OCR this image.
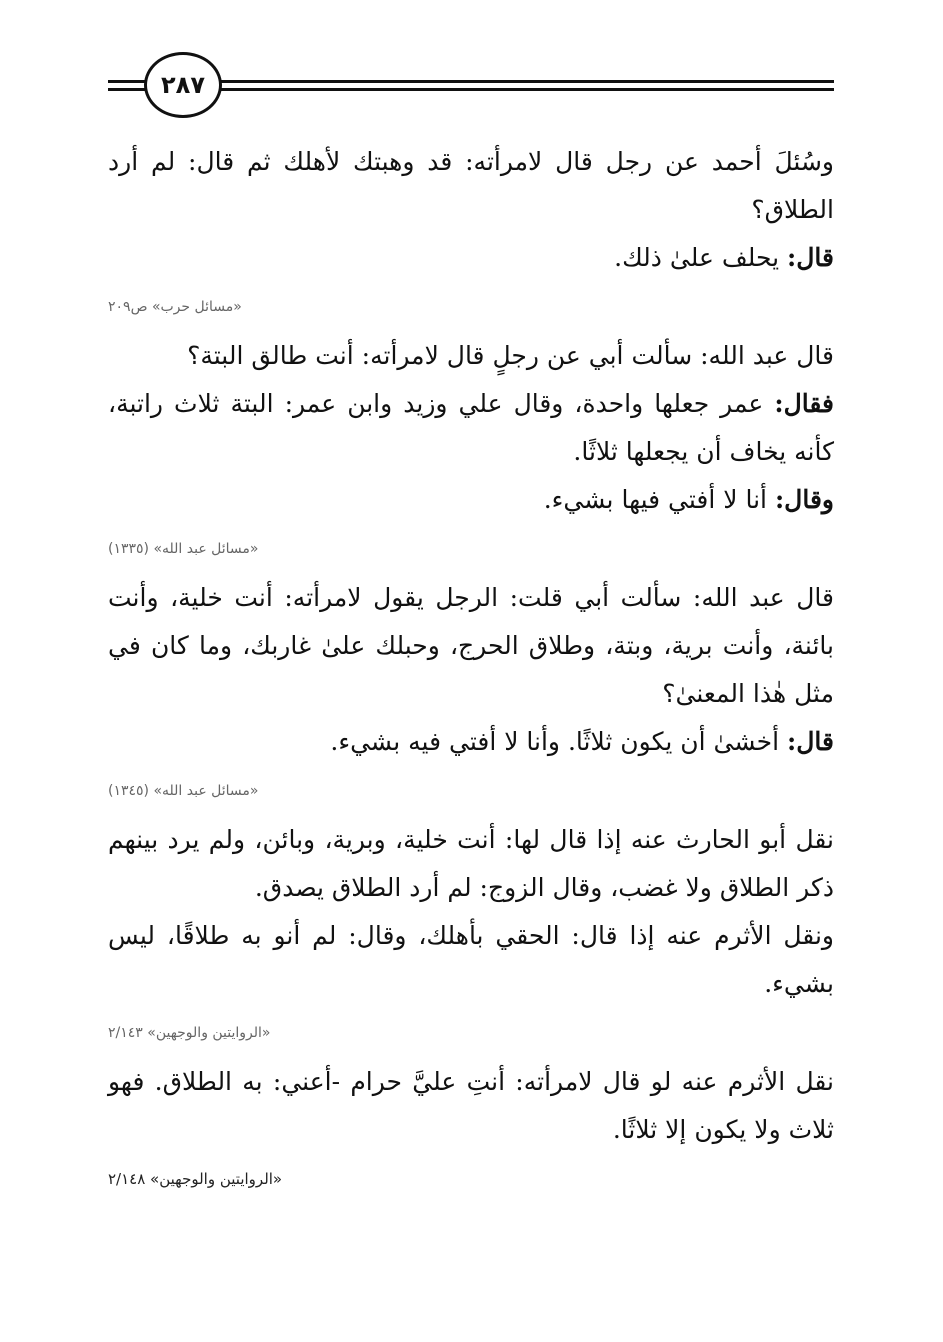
٢٨٧

وسُئلَ أحمد عن رجل قال لامرأته: قد وهبتك لأهلك ثم قال: لم أرد الطلاق؟

قال: يحلف علىٰ ذلك.

«مسائل حرب» ص٢٠٩

قال عبد الله: سألت أبي عن رجلٍ قال لامرأته: أنت طالق البتة؟

فقال: عمر جعلها واحدة، وقال علي وزيد وابن عمر: البتة ثلاث راتبة، كأنه يخاف أن يجعلها ثلاثًا.

وقال: أنا لا أفتي فيها بشيء.

«مسائل عبد الله» (١٣٣٥)

قال عبد الله: سألت أبي قلت: الرجل يقول لامرأته: أنت خلية، وأنت بائنة، وأنت برية، وبتة، وطلاق الحرج، وحبلك علىٰ غاربك، وما كان في مثل هٰذا المعنىٰ؟

قال: أخشىٰ أن يكون ثلاثًا. وأنا لا أفتي فيه بشيء.

«مسائل عبد الله» (١٣٤٥)

نقل أبو الحارث عنه إذا قال لها: أنت خلية، وبرية، وبائن، ولم يرد بينهم ذكر الطلاق ولا غضب، وقال الزوج: لم أرد الطلاق يصدق.

ونقل الأثرم عنه إذا قال: الحقي بأهلك، وقال: لم أنو به طلاقًا، ليس بشيء.

«الروايتين والوجهين» ٢/١٤٣

نقل الأثرم عنه لو قال لامرأته: أنتِ عليَّ حرام -أعني: به الطلاق. فهو ثلاث ولا يكون إلا ثلاثًا.

«الروايتين والوجهين» ٢/١٤٨
